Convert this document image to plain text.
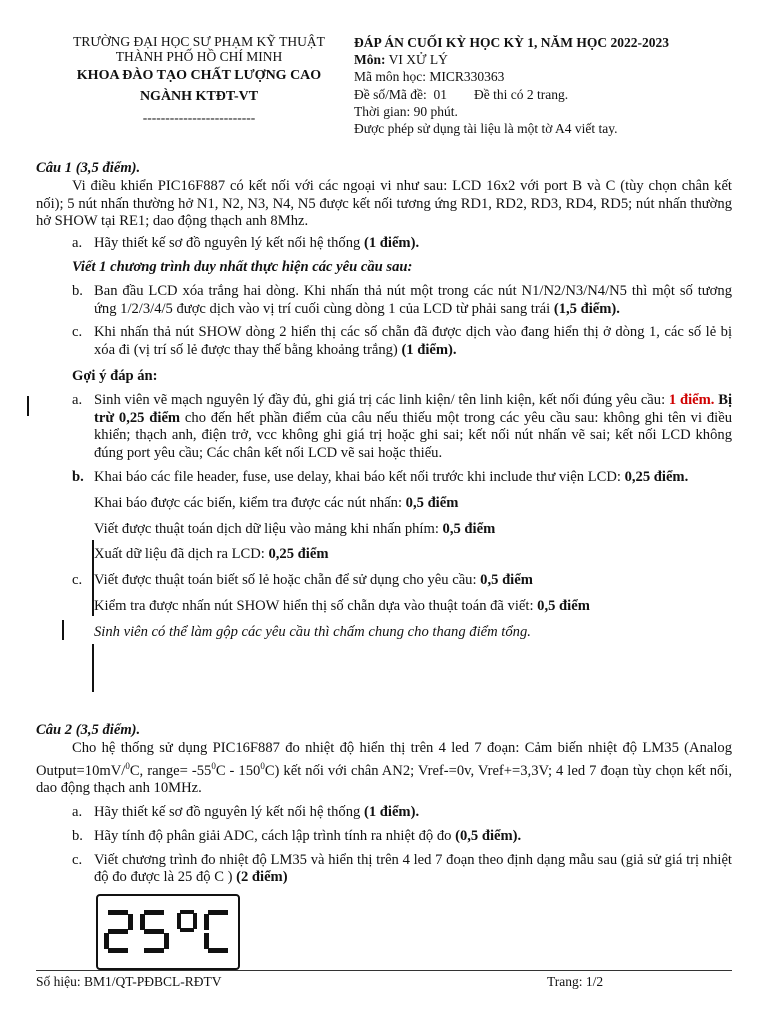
TRƯỜNG ĐẠI HỌC SƯ PHẠM KỸ THUẬT
THÀNH PHỐ HỒ CHÍ MINH
KHOA ĐÀO TẠO CHẤT LƯỢNG CAO
NGÀNH KTĐT-VT
-------------------------
ĐÁP ÁN CUỐI KỲ HỌC KỲ 1, NĂM HỌC 2022-2023
Môn: VI XỬ LÝ
Mã môn học: MICR330363
Đề số/Mã đề:  01        Đề thi có 2 trang.
Thời gian: 90 phút.
Được phép sử dụng tài liệu là một tờ A4 viết tay.
Câu 1 (3,5 điểm).
Vi điều khiển PIC16F887 có kết nối với các ngoại vi như sau: LCD 16x2 với port B và C (tùy chọn chân kết nối); 5 nút nhấn thường hở N1, N2, N3, N4, N5 được kết nối tương ứng RD1, RD2, RD3, RD4, RD5; nút nhấn thường hở SHOW tại RE1; dao động thạch anh 8Mhz.
a. Hãy thiết kế sơ đồ nguyên lý kết nối hệ thống (1 điểm).
Viết 1 chương trình duy nhất thực hiện các yêu cầu sau:
b. Ban đầu LCD xóa trắng hai dòng. Khi nhấn thả nút một trong các nút N1/N2/N3/N4/N5 thì một số tương ứng 1/2/3/4/5 được dịch vào vị trí cuối cùng dòng 1 của LCD từ phải sang trái (1,5 điểm).
c. Khi nhấn thả nút SHOW dòng 2 hiển thị các số chẵn đã được dịch vào đang hiển thị ở dòng 1, các số lẻ bị xóa đi (vị trí số lẻ được thay thế bằng khoảng trắng) (1 điểm).
Gợi ý đáp án:
a. Sinh viên vẽ mạch nguyên lý đầy đủ, ghi giá trị các linh kiện/ tên linh kiện, kết nối đúng yêu cầu: 1 điểm. Bị trừ 0,25 điểm cho đến hết phần điểm của câu nếu thiếu một trong các yêu cầu sau: không ghi tên vi điều khiển; thạch anh, điện trở, vcc không ghi giá trị hoặc ghi sai; kết nối nút nhấn vẽ sai; kết nối LCD không đúng port yêu cầu; Các chân kết nối LCD vẽ sai hoặc thiếu.
b. Khai báo các file header, fuse, use delay, khai báo kết nối trước khi include thư viện LCD: 0,25 điểm.
Khai báo được các biến, kiểm tra được các nút nhấn: 0,5 điểm
Viết được thuật toán dịch dữ liệu vào mảng khi nhấn phím: 0,5 điểm
Xuất dữ liệu đã dịch ra LCD: 0,25 điểm
c. Viết được thuật toán biết số lẻ hoặc chẵn để sử dụng cho yêu cầu: 0,5 điểm
Kiểm tra được nhấn nút SHOW hiển thị số chẵn dựa vào thuật toán đã viết: 0,5 điểm
Sinh viên có thể làm gộp các yêu cầu thì chấm chung cho thang điểm tổng.
Câu 2 (3,5 điểm).
Cho hệ thống sử dụng PIC16F887 đo nhiệt độ hiển thị trên 4 led 7 đoạn: Cảm biến nhiệt độ LM35 (Analog Output=10mV/$^0$C, range= $-55^0C - 150^0C$) kết nối với chân AN2; Vref-=0v, Vref+=3,3V; 4 led 7 đoạn tùy chọn kết nối, dao động thạch anh 10MHz.
a. Hãy thiết kế sơ đồ nguyên lý kết nối hệ thống (1 điểm).
b. Hãy tính độ phân giải ADC, cách lập trình tính ra nhiệt độ đo (0,5 điểm).
c. Viết chương trình đo nhiệt độ LM35 và hiển thị trên 4 led 7 đoạn theo định dạng mẫu sau (giả sử giá trị nhiệt độ đo được là 25 độ C ) (2 điểm)
Số hiệu: BM1/QT-PĐBCL-RĐTV	Trang: 1/2
